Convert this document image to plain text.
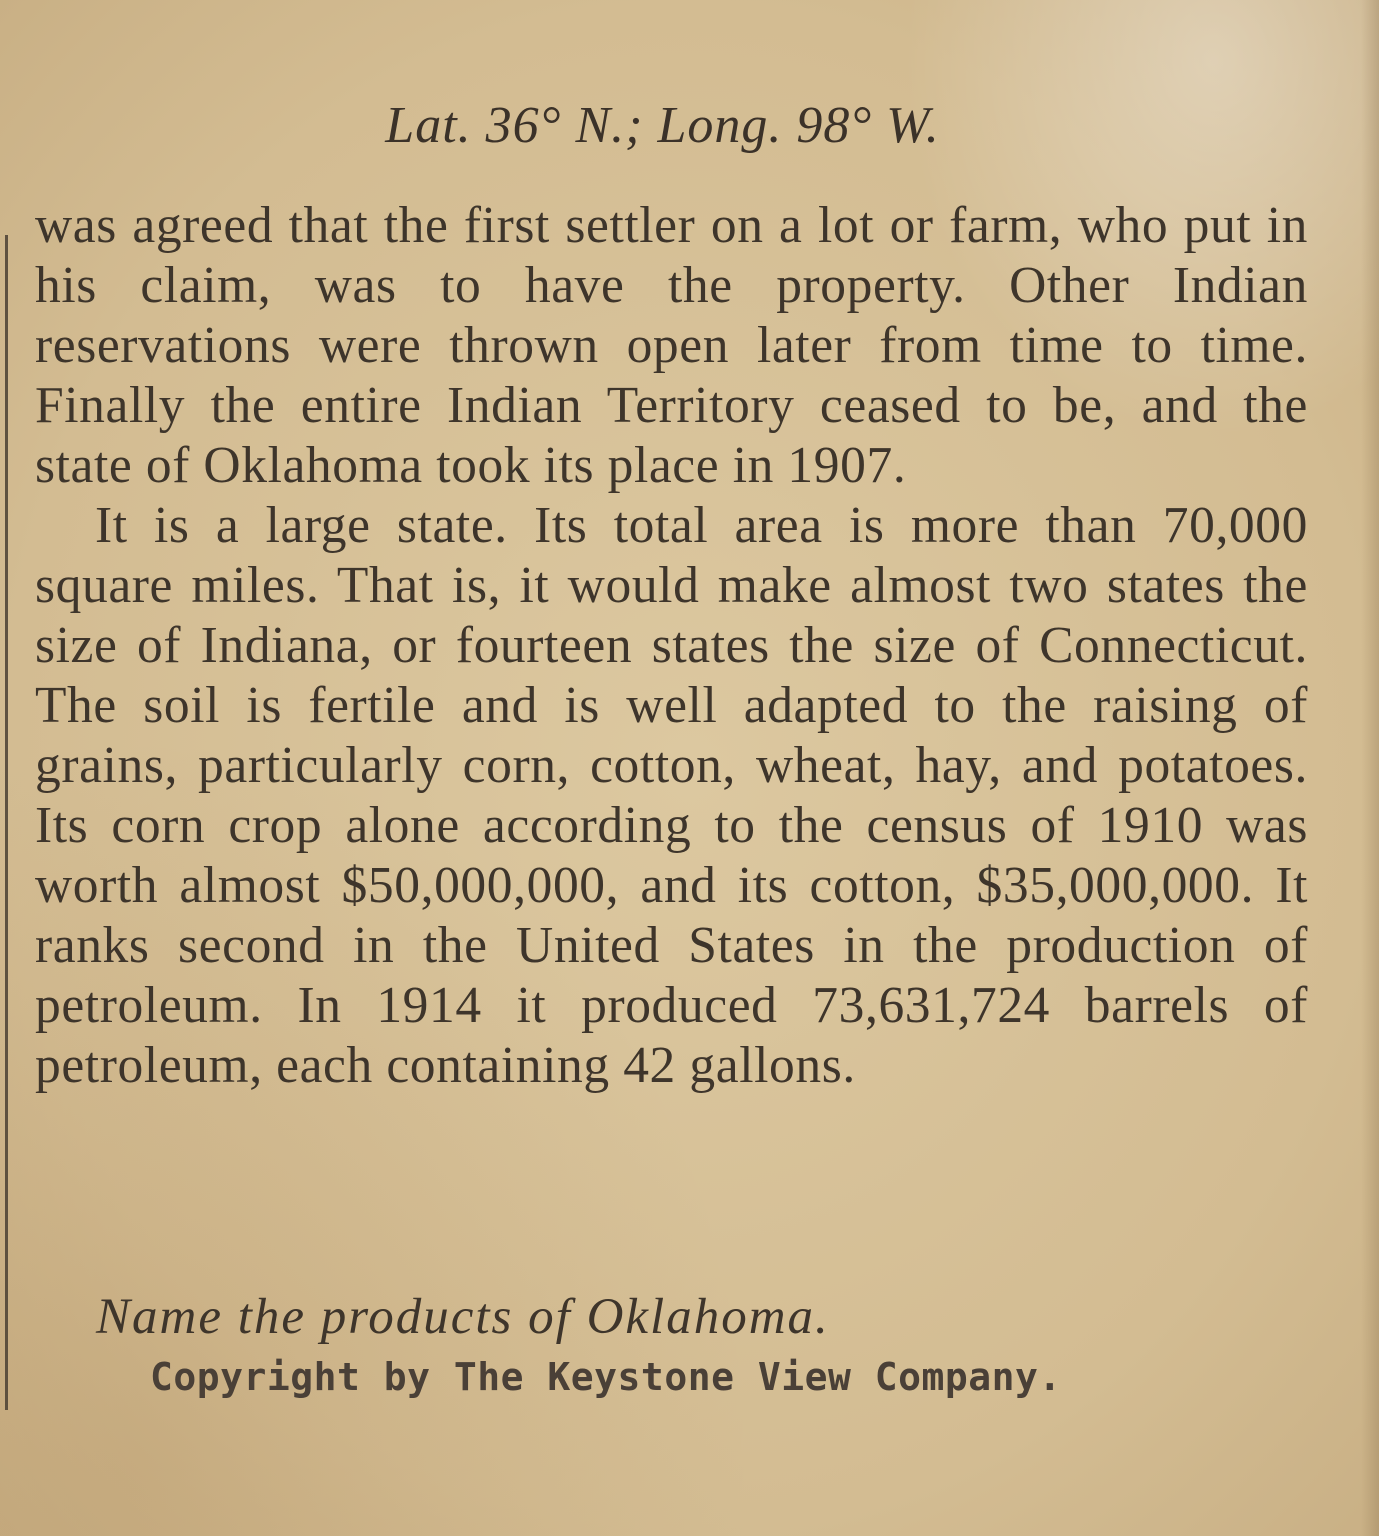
Lat. 36° N.; Long. 98° W.

was agreed that the first settler on a lot or farm, who put in his claim, was to have the property. Other Indian reservations were thrown open later from time to time. Finally the entire Indian Territory ceased to be, and the state of Oklahoma took its place in 1907.

It is a large state. Its total area is more than 70,000 square miles. That is, it would make almost two states the size of Indiana, or fourteen states the size of Connecticut. The soil is fertile and is well adapted to the raising of grains, particularly corn, cotton, wheat, hay, and potatoes. Its corn crop alone according to the census of 1910 was worth almost $50,000,000, and its cotton, $35,000,000. It ranks second in the United States in the production of petroleum. In 1914 it produced 73,631,724 barrels of petroleum, each containing 42 gallons.

Name the products of Oklahoma.
Copyright by The Keystone View Company.
